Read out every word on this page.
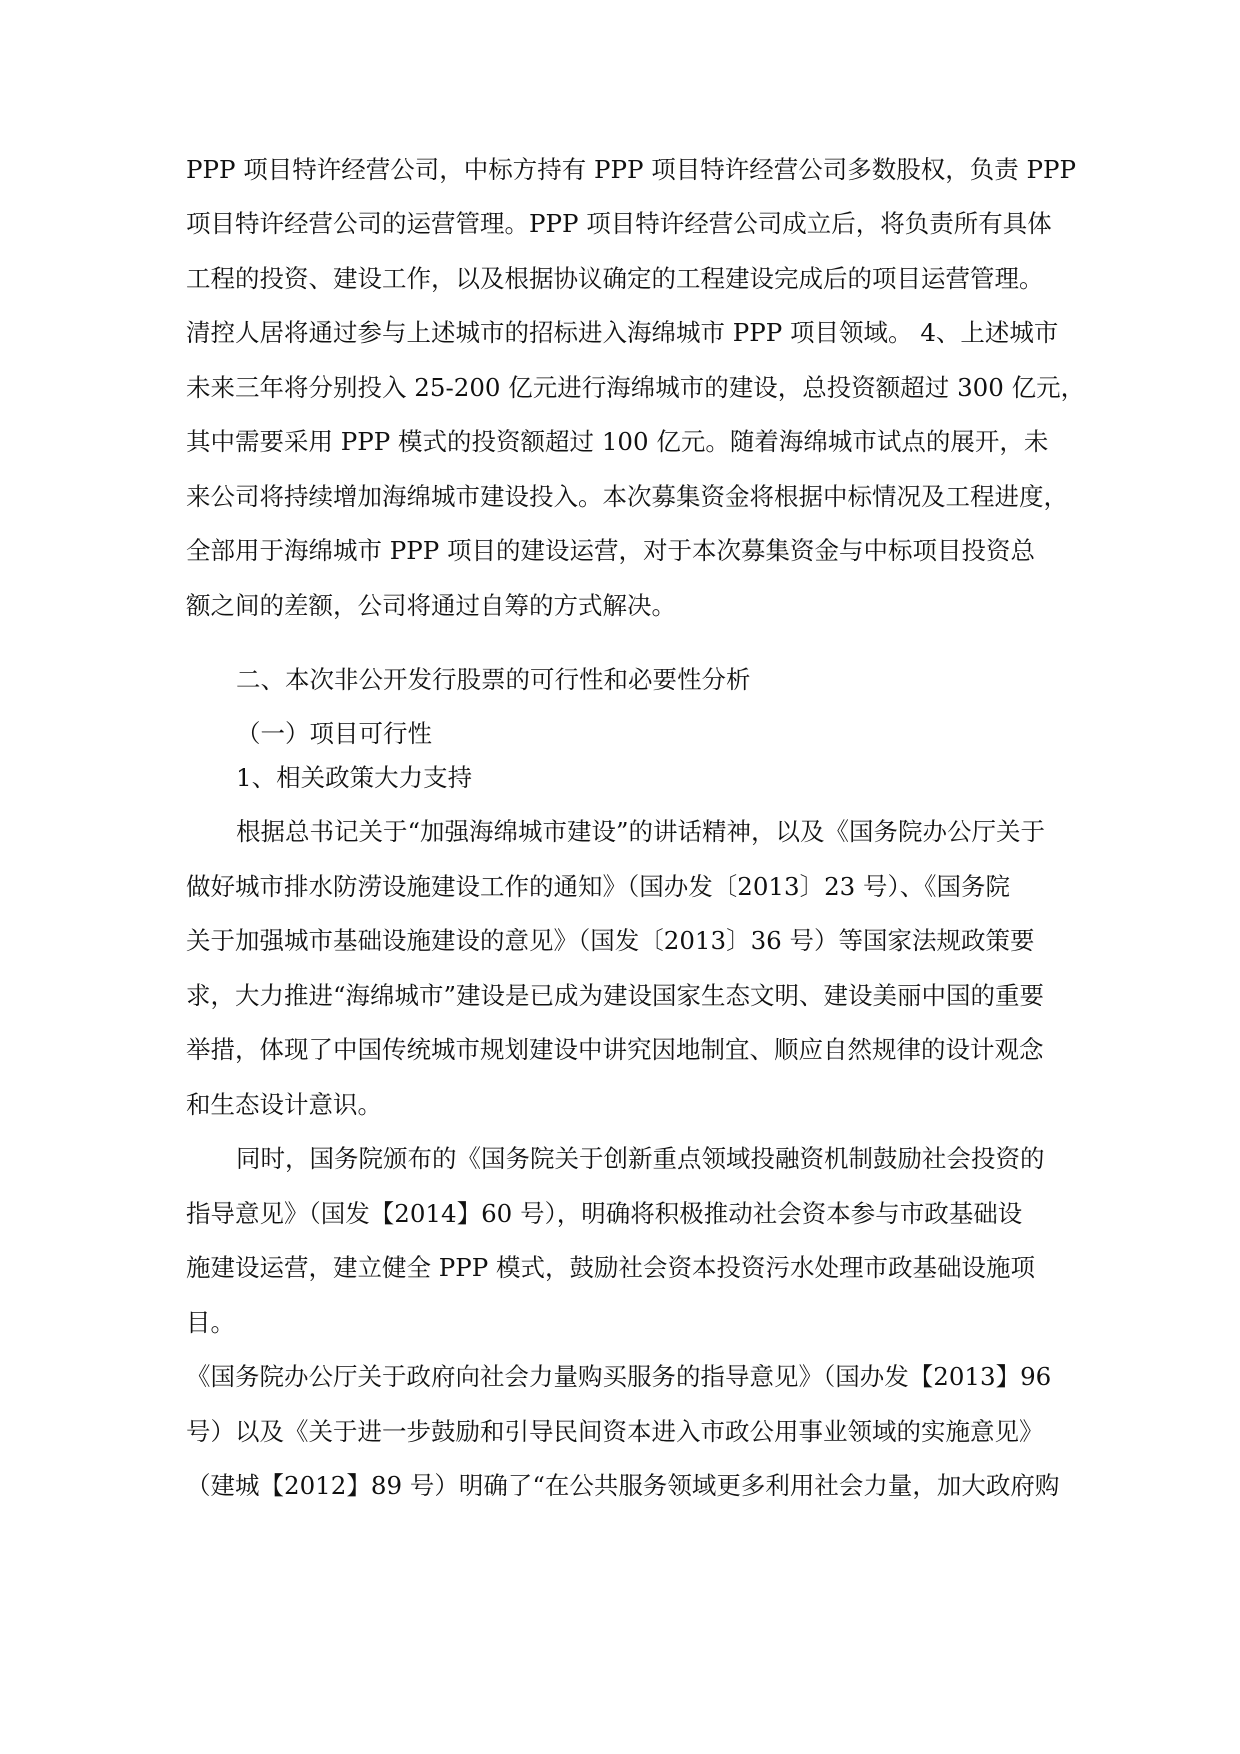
PPP 项目特许经营公司，中标方持有 PPP 项目特许经营公司多数股权，负责 PPP
项目特许经营公司的运营管理。PPP 项目特许经营公司成立后，将负责所有具体
工程的投资、建设工作，以及根据协议确定的工程建设完成后的项目运营管理。
清控人居将通过参与上述城市的招标进入海绵城市 PPP 项目领域。 4、上述城市
未来三年将分别投入 25-200 亿元进行海绵城市的建设，总投资额超过 300 亿元，
其中需要采用 PPP 模式的投资额超过 100 亿元。随着海绵城市试点的展开，未
来公司将持续增加海绵城市建设投入。本次募集资金将根据中标情况及工程进度，
全部用于海绵城市 PPP 项目的建设运营，对于本次募集资金与中标项目投资总
额之间的差额，公司将通过自筹的方式解决。
二、本次非公开发行股票的可行性和必要性分析
（一）项目可行性
1、相关政策大力支持
根据总书记关于“加强海绵城市建设”的讲话精神，以及《国务院办公厅关于
做好城市排水防涝设施建设工作的通知》（国办发〔2013〕23 号）、《国务院
关于加强城市基础设施建设的意见》（国发〔2013〕36 号）等国家法规政策要
求，大力推进“海绵城市”建设是已成为建设国家生态文明、建设美丽中国的重要
举措，体现了中国传统城市规划建设中讲究因地制宜、顺应自然规律的设计观念
和生态设计意识。
同时，国务院颁布的《国务院关于创新重点领域投融资机制鼓励社会投资的
指导意见》（国发【2014】60 号），明确将积极推动社会资本参与市政基础设
施建设运营，建立健全 PPP 模式，鼓励社会资本投资污水处理市政基础设施项
目。
《国务院办公厅关于政府向社会力量购买服务的指导意见》（国办发【2013】96
号）以及《关于进一步鼓励和引导民间资本进入市政公用事业领域的实施意见》
（建城【2012】89 号）明确了“在公共服务领域更多利用社会力量，加大政府购
